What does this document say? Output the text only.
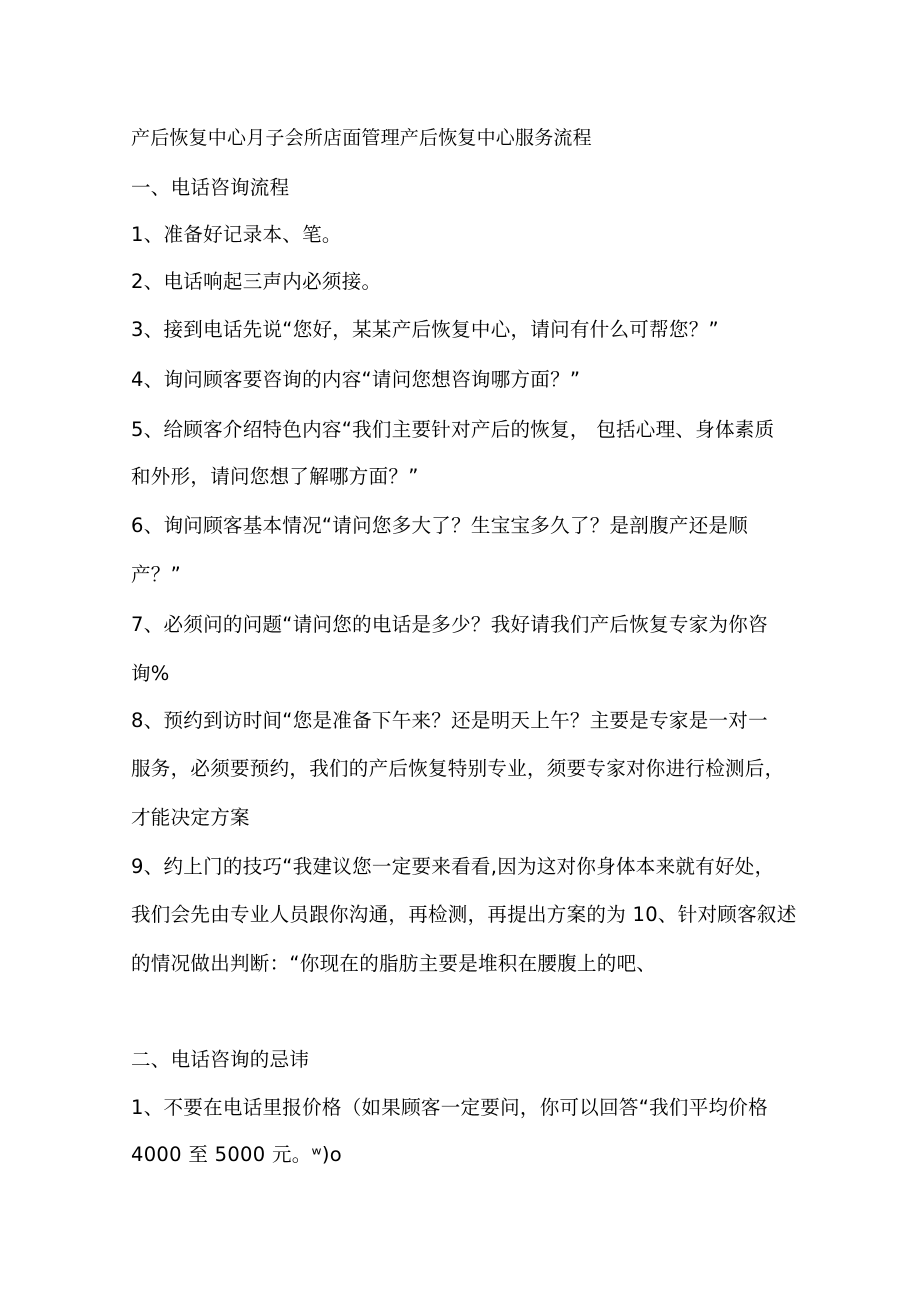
产后恢复中心月子会所店面管理产后恢复中心服务流程

一、电话咨询流程

1、准备好记录本、笔。

2、电话响起三声内必须接。

3、接到电话先说“您好，某某产后恢复中心，请问有什么可帮您？”

4、询问顾客要咨询的内容“请问您想咨询哪方面？”

5、给顾客介绍特色内容“我们主要针对产后的恢复， 包括心理、身体素质

和外形，请问您想了解哪方面？”

6、询问顾客基本情况“请问您多大了？生宝宝多久了？是剖腹产还是顺

产？”

7、必须问的问题“请问您的电话是多少？我好请我们产后恢复专家为你咨

询%

8、预约到访时间“您是准备下午来？还是明天上午？主要是专家是一对一

服务，必须要预约，我们的产后恢复特别专业，须要专家对你进行检测后，

才能决定方案

9、约上门的技巧“我建议您一定要来看看,因为这对你身体本来就有好处，

我们会先由专业人员跟你沟通，再检测，再提出方案的为 10、针对顾客叙述

的情况做出判断：“你现在的脂肪主要是堆积在腰腹上的吧、

二、电话咨询的忌讳

1、不要在电话里报价格（如果顾客一定要问，你可以回答“我们平均价格

4000 至 5000 元。ʷ)o
